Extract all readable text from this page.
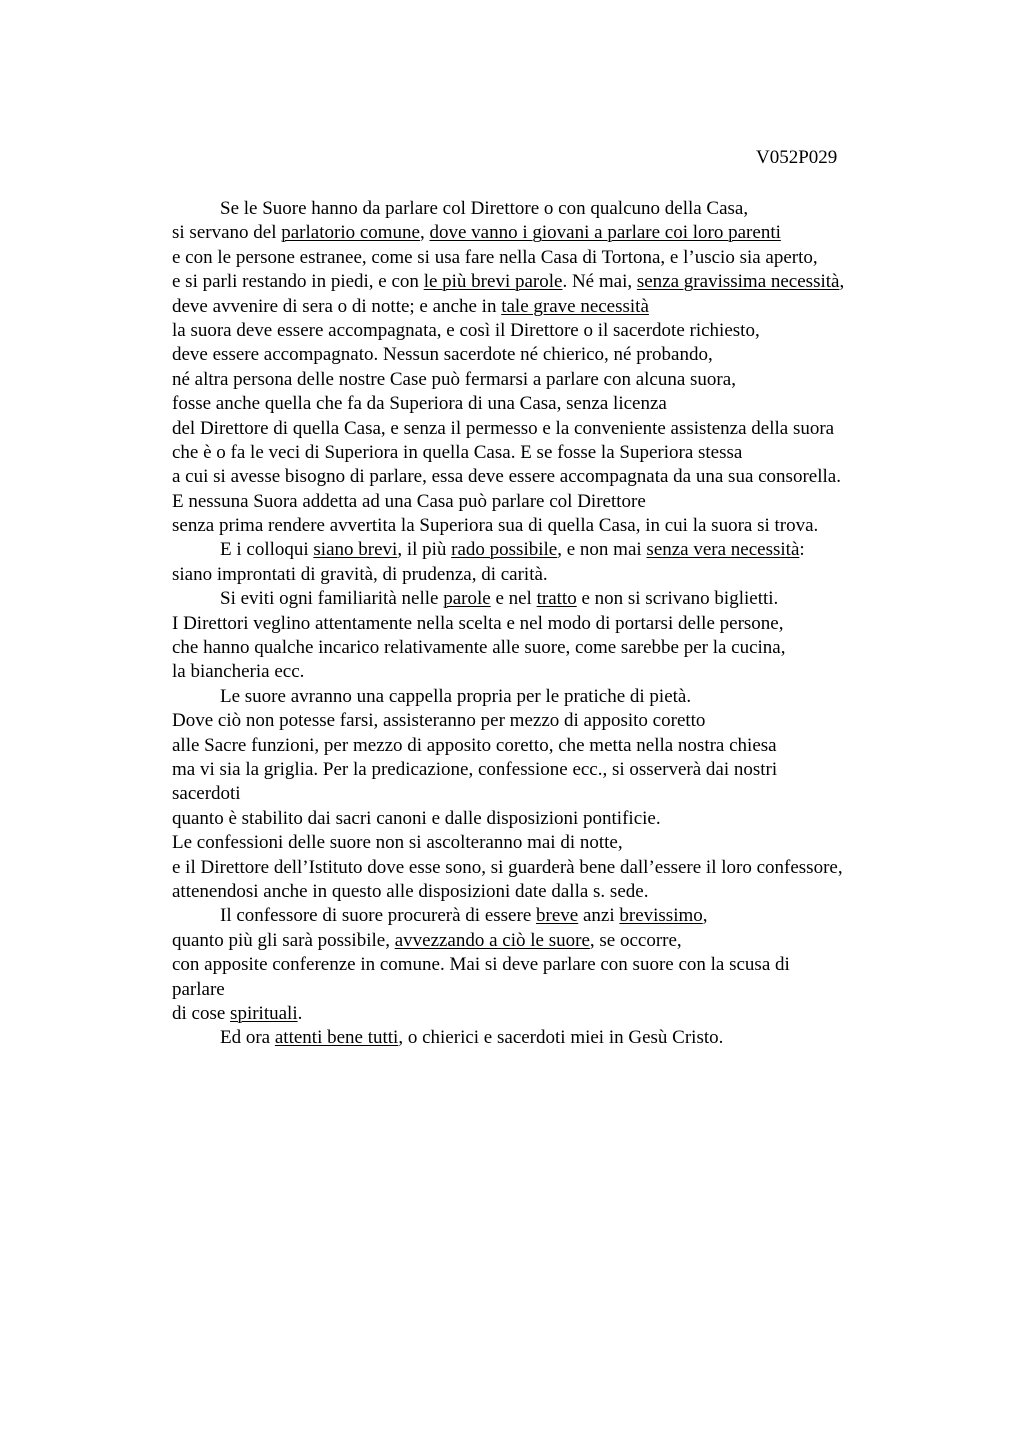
V052P029
Se le Suore hanno da parlare col Direttore o con qualcuno della Casa,
si servano del parlatorio comune, dove vanno i giovani a parlare coi loro parenti
e con le persone estranee, come si usa fare nella Casa di Tortona, e l’uscio sia aperto,
e si parli restando in piedi, e con le più brevi parole. Né mai, senza gravissima necessità,
deve avvenire di sera o di notte; e anche in tale grave necessità
la suora deve essere accompagnata, e così il Direttore o il sacerdote richiesto,
deve essere accompagnato. Nessun sacerdote né chierico, né probando,
né altra persona delle nostre Case può fermarsi a parlare con alcuna suora,
fosse anche quella che fa da Superiora di una Casa, senza licenza
del Direttore di quella Casa, e senza il permesso e la conveniente assistenza della suora
che è o fa le veci di Superiora in quella Casa. E se fosse la Superiora stessa
a cui si avesse bisogno di parlare, essa deve essere accompagnata da una sua consorella.
E nessuna Suora addetta ad una Casa può parlare col Direttore
senza prima rendere avvertita la Superiora sua di quella Casa, in cui la suora si trova.
E i colloqui siano brevi, il più rado possibile, e non mai senza vera necessità:
siano improntati di gravità, di prudenza, di carità.
Si eviti ogni familiarità nelle parole e nel tratto e non si scrivano biglietti.
I Direttori veglino attentamente nella scelta e nel modo di portarsi delle persone,
che hanno qualche incarico relativamente alle suore, come sarebbe per la cucina,
la biancheria ecc.
Le suore avranno una cappella propria per le pratiche di pietà.
Dove ciò non potesse farsi, assisteranno per mezzo di apposito coretto
alle Sacre funzioni, per mezzo di apposito coretto, che metta nella nostra chiesa
ma vi sia la griglia. Per la predicazione, confessione ecc., si osserverà dai nostri
sacerdoti
quanto è stabilito dai sacri canoni e dalle disposizioni pontificie.
Le confessioni delle suore non si ascolteranno mai di notte,
e il Direttore dell’Istituto dove esse sono, si guarderà bene dall’essere il loro confessore,
attenendosi anche in questo alle disposizioni date dalla s. sede.
Il confessore di suore procurerà di essere breve anzi brevissimo,
quanto più gli sarà possibile, avvezzando a ciò le suore, se occorre,
con apposite conferenze in comune. Mai si deve parlare con suore con la scusa di
parlare
di cose spirituali.
Ed ora attenti bene tutti, o chierici e sacerdoti miei in Gesù Cristo.
